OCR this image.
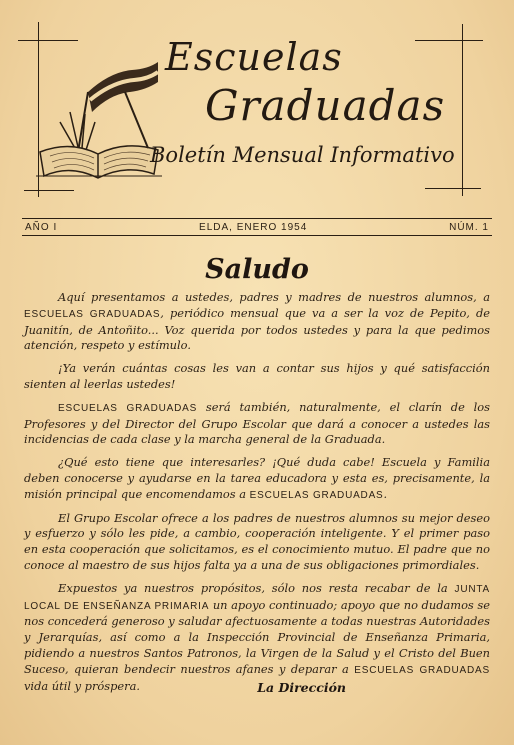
Escuelas
Graduadas
Boletín Mensual Informativo
AÑO I	ELDA, ENERO 1954	NÚM. 1
Saludo

Aquí presentamos a ustedes, padres y madres de nuestros alumnos, a ESCUELAS GRADUADAS, periódico mensual que va a ser la voz de Pepito, de Juanitín, de Antoñito... Voz querida por todos ustedes y para la que pedimos atención, respeto y estímulo.

¡Ya verán cuántas cosas les van a contar sus hijos y qué satisfacción sienten al leerlas ustedes!

ESCUELAS GRADUADAS será también, naturalmente, el clarín de los Profesores y del Director del Grupo Escolar que dará a conocer a ustedes las incidencias de cada clase y la marcha general de la Graduada.

¿Qué esto tiene que interesarles? ¡Qué duda cabe! Escuela y Familia deben conocerse y ayudarse en la tarea educadora y esta es, precisamente, la misión principal que encomendamos a ESCUELAS GRADUADAS.

El Grupo Escolar ofrece a los padres de nuestros alumnos su mejor deseo y esfuerzo y sólo les pide, a cambio, cooperación inteligente. Y el primer paso en esta cooperación que solicitamos, es el conocimiento mutuo. El padre que no conoce al maestro de sus hijos falta ya a una de sus obligaciones primordiales.

Expuestos ya nuestros propósitos, sólo nos resta recabar de la JUNTA LOCAL DE ENSEÑANZA PRIMARIA un apoyo continuado; apoyo que no dudamos se nos concederá generoso y saludar afectuosamente a todas nuestras Autoridades y Jerarquías, así como a la Inspección Provincial de Enseñanza Primaria, pidiendo a nuestros Santos Patronos, la Virgen de la Salud y el Cristo del Buen Suceso, quieran bendecir nuestros afanes y deparar a ESCUELAS GRADUADAS vida útil y próspera.	La Dirección
